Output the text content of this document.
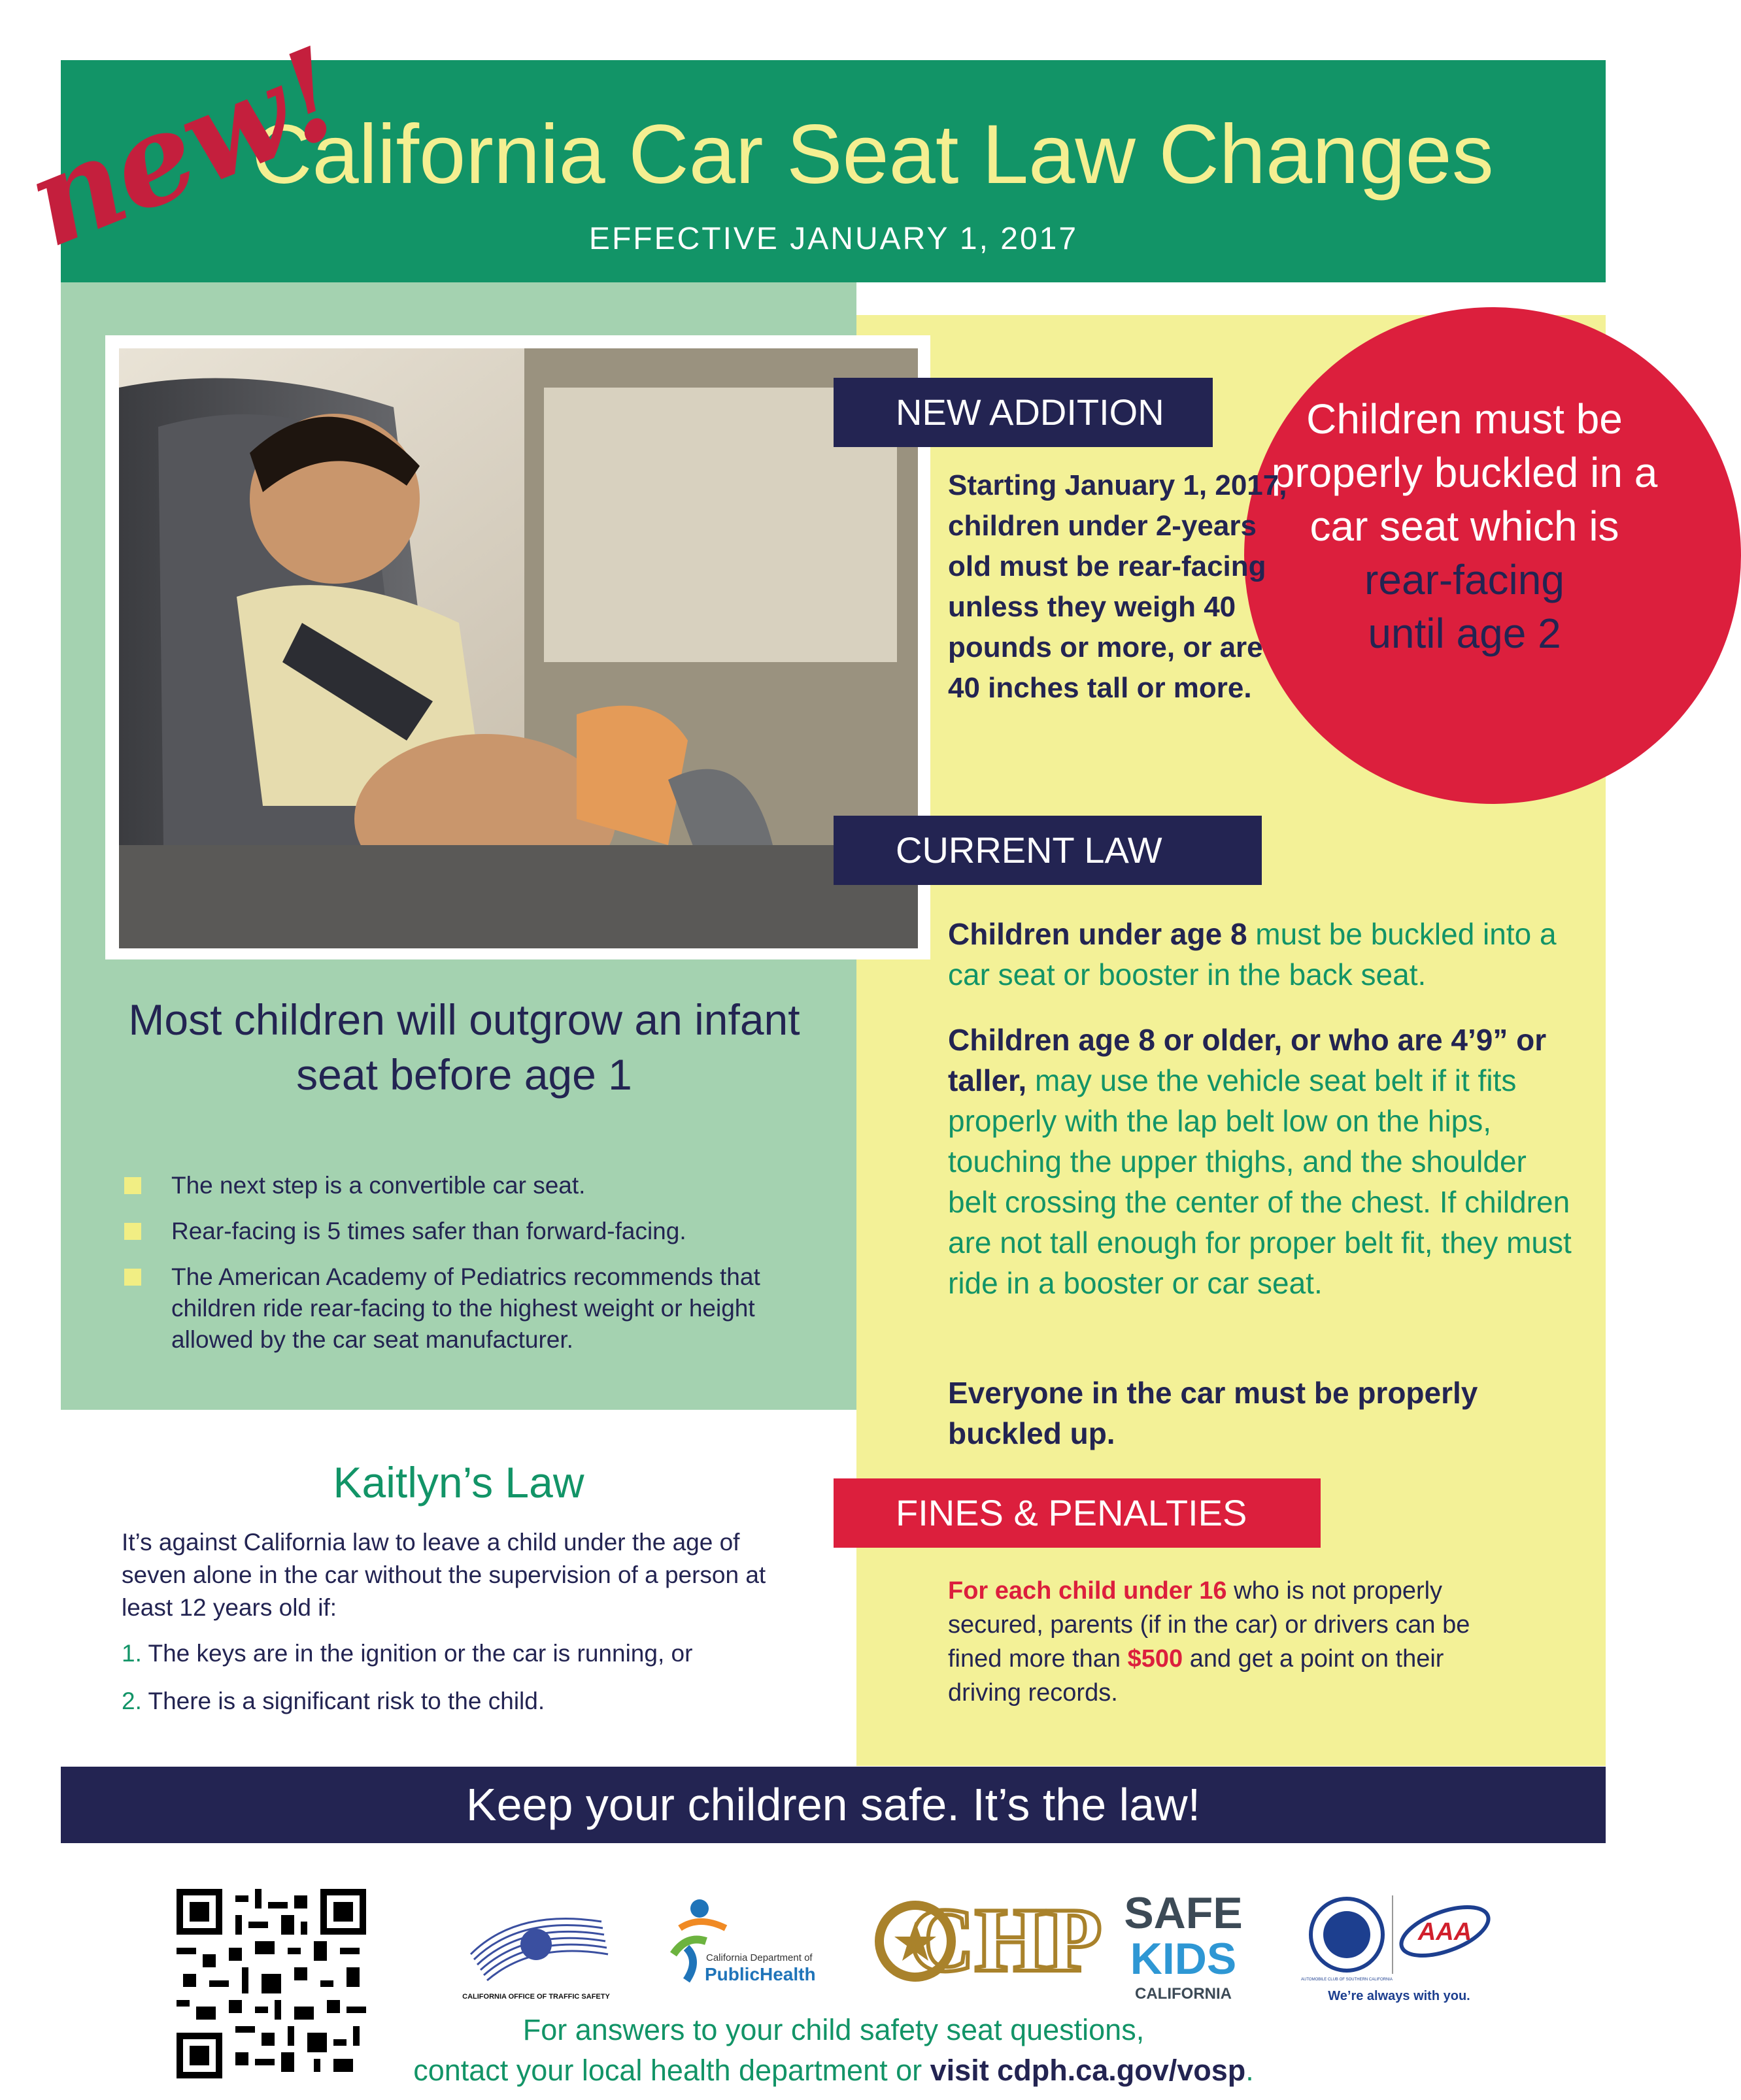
California Car Seat Law Changes
new!	EFFECTIVE JANUARY 1, 2017
NEW ADDITION
CURRENT LAW
FINES & PENALTIES
Children must be properly buckled in a car seat which is
rear-facing
until age 2
Starting January 1, 2017, children under 2-years old must be rear-facing unless they weigh 40 pounds or more, or are 40 inches tall or more.
Children under age 8 must be buckled into a car seat or booster in the back seat.
Children age 8 or older, or who are 4’9” or taller, may use the vehicle seat belt if it fits properly with the lap belt low on the hips, touching the upper thighs, and the shoulder belt crossing the center of the chest. If children are not tall enough for proper belt fit, they must ride in a booster or car seat.
Everyone in the car must be properly buckled up.
For each child under 16 who is not properly secured, parents (if in the car) or drivers can be fined more than $500 and get a point on their driving records.
Most children will outgrow an infant seat before age 1
The next step is a convertible car seat.
Rear-facing is 5 times safer than forward-facing.
The American Academy of Pediatrics recommends that children ride rear-facing to the highest weight or height allowed by the car seat manufacturer.
Kaitlyn’s Law
It’s against California law to leave a child under the age of seven alone in the car without the supervision of a person at least 12 years old if:
1. The keys are in the ignition or the car is running, or
2. There is a significant risk to the child.
Keep your children safe. It’s the law!
CALIFORNIA OFFICE OF TRAFFIC SAFETY
California Department of
PublicHealth CHP SAFE
KIDS
CALIFORNIA
AUTOMOBILE CLUB OF SOUTHERN CALIFORNIA
AAA
We’re always with you.
For answers to your child safety seat questions,
contact your local health department or visit cdph.ca.gov/vosp.
